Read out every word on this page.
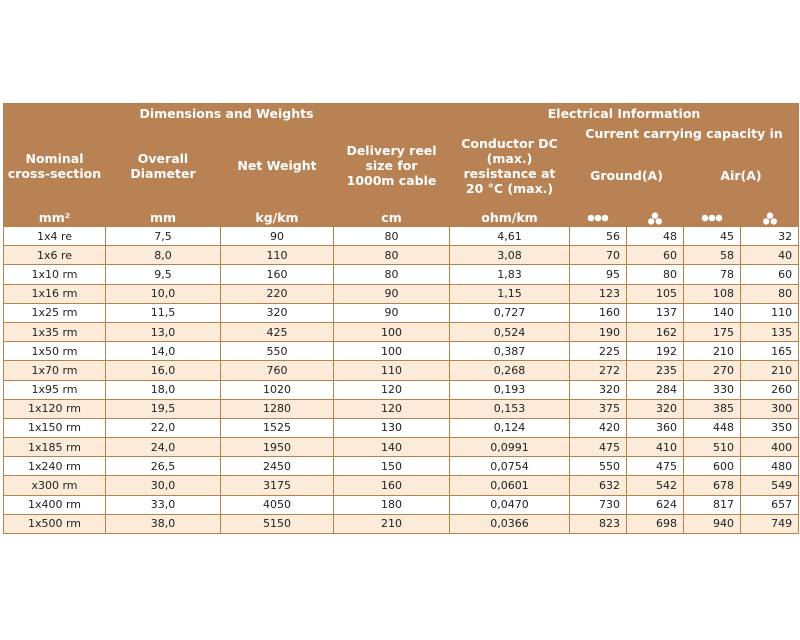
Dimensions and Weights				Electrical Information				
Nominal cross-section	Overall Diameter	Net Weight	Delivery reel size for 1000m cable	Conductor DC (max.) resistance at 20 °C (max.)	Current carrying capacity in			
					Ground(A)		Air(A)	
mm²	mm	kg/km	cm	ohm/km				
1x4 re	7,5	90	80	4,61	56	48	45	32
1x6 re	8,0	110	80	3,08	70	60	58	40
1x10 rm	9,5	160	80	1,83	95	80	78	60
1x16 rm	10,0	220	90	1,15	123	105	108	80
1x25 rm	11,5	320	90	0,727	160	137	140	110
1x35 rm	13,0	425	100	0,524	190	162	175	135
1x50 rm	14,0	550	100	0,387	225	192	210	165
1x70 rm	16,0	760	110	0,268	272	235	270	210
1x95 rm	18,0	1020	120	0,193	320	284	330	260
1x120 rm	19,5	1280	120	0,153	375	320	385	300
1x150 rm	22,0	1525	130	0,124	420	360	448	350
1x185 rm	24,0	1950	140	0,0991	475	410	510	400
1x240 rm	26,5	2450	150	0,0754	550	475	600	480
x300 rm	30,0	3175	160	0,0601	632	542	678	549
1x400 rm	33,0	4050	180	0,0470	730	624	817	657
1x500 rm	38,0	5150	210	0,0366	823	698	940	749
